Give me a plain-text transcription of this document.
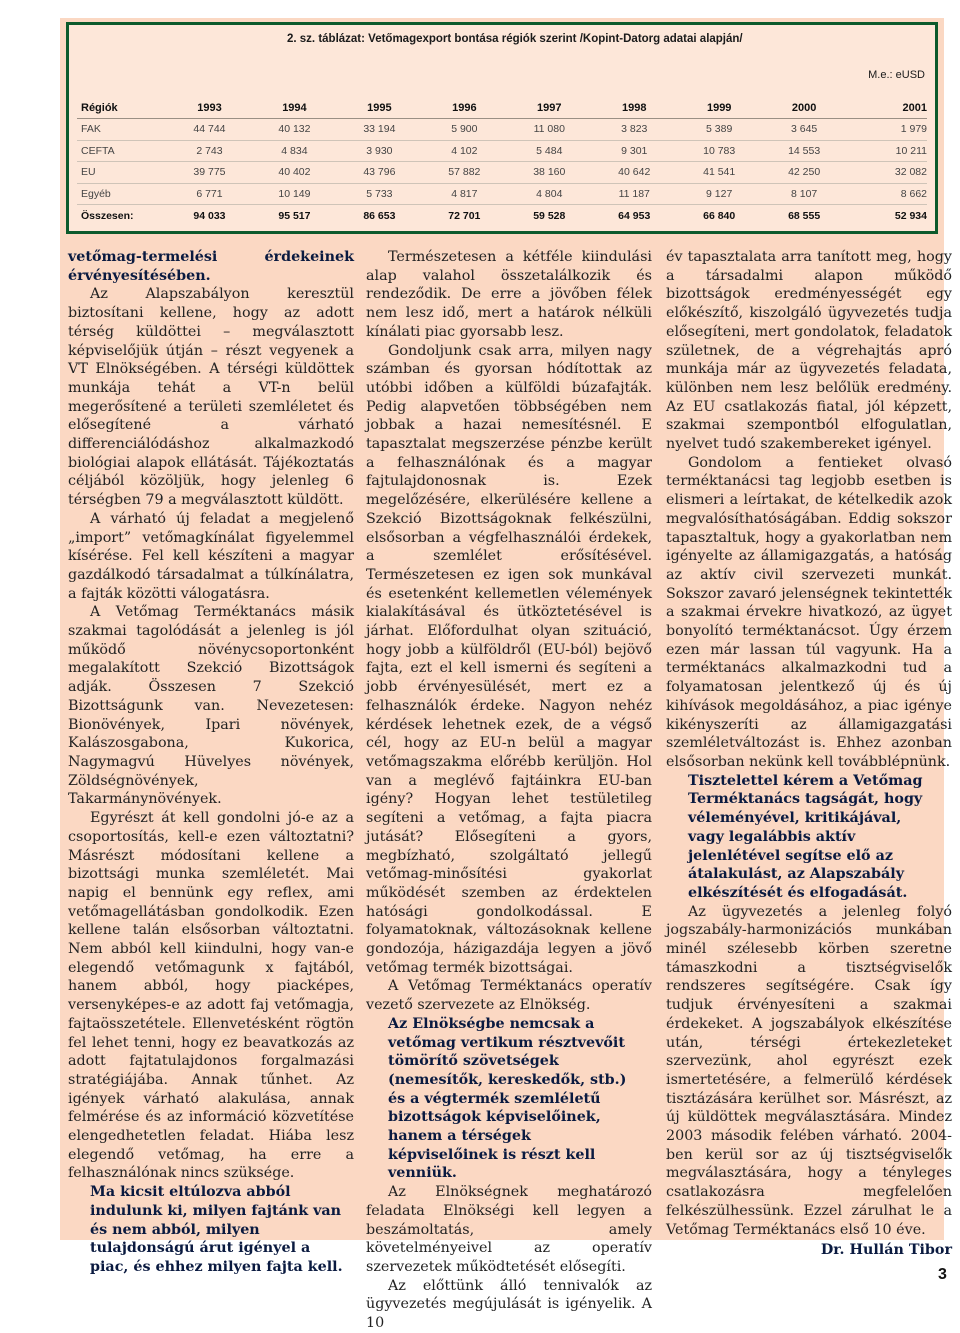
2. sz. táblázat: Vetőmagexport bontása régiók szerint /Kopint-Datorg adatai alapján/
M.e.: eUSD
Régiók	1993	1994	1995	1996	1997	1998	1999	2000	2001
FAK	44 744	40 132	33 194	5 900	11 080	3 823	5 389	3 645	1 979
CEFTA	2 743	4 834	3 930	4 102	5 484	9 301	10 783	14 553	10 211
EU	39 775	40 402	43 796	57 882	38 160	40 642	41 541	42 250	32 082
Egyéb	6 771	10 149	5 733	4 817	4 804	11 187	9 127	8 107	8 662
Összesen:	94 033	95 517	86 653	72 701	59 528	64 953	66 840	68 555	52 934

vetőmag-termelési érdekeinek érvényesítésében.

Az Alapszabályon keresztül biztosítani kellene, hogy az adott térség küldöttei – megválasztott képviselőjük útján – részt vegyenek a VT Elnökségében. A térségi küldöttek munkája tehát a VT-n belül megerősítené a területi szemléletet és elősegítené a várható differenciálódáshoz alkalmazkodó biológiai alapok ellátását. Tájékoztatás céljából közöljük, hogy jelenleg 6 térségben 79 a megválasztott küldött.

A várható új feladat a megjelenő „import” vetőmagkínálat figyelemmel kísérése. Fel kell készíteni a magyar gazdálkodó társadalmat a túlkínálatra, a fajták közötti válogatásra.

A Vetőmag Terméktanács másik szakmai tagolódását a jelenleg is jól működő növénycsoportonként megalakított Szekció Bizottságok adják. Összesen 7 Szekció Bizottságunk van. Nevezetesen: Bionövények, Ipari növények, Kalászosgabona, Kukorica, Nagymagvú Hüvelyes növények, Zöldségnövények, Takarmánynövények.

Egyrészt át kell gondolni jó-e az a csoportosítás, kell-e ezen változtatni? Másrészt módosítani kellene a bizottsági munka szemléletét. Mai napig el bennünk egy reflex, ami vetőmagellátásban gondolkodik. Ezen kellene talán elsősorban változtatni. Nem abból kell kiindulni, hogy van-e elegendő vetőmagunk x fajtából, hanem abból, hogy piacképes, versenyképes-e az adott faj vetőmagja, fajtaösszetétele. Ellenvetésként rögtön fel lehet tenni, hogy ez beavatkozás az adott fajtatulajdonos forgalmazási stratégiájába. Annak tűnhet. Az igények várható alakulása, annak felmérése és az információ közvetítése elengedhetetlen feladat. Hiába lesz elegendő vetőmag, ha erre a felhasználónak nincs szüksége.

Ma kicsit eltúlozva abból indulunk ki, milyen fajtánk van és nem abból, milyen tulajdonságú árut igényel a piac, és ehhez milyen fajta kell.

Természetesen a kétféle kiindulási alap valahol összetalálkozik és rendeződik. De erre a jövőben félek nem lesz idő, mert a határok nélküli kínálati piac gyorsabb lesz.

Gondoljunk csak arra, milyen nagy számban és gyorsan hódítottak az utóbbi időben a külföldi búzafajták. Pedig alapvetően többségében nem jobbak a hazai nemesítésnél. E tapasztalat megszerzése pénzbe került a felhasználónak és a magyar fajtulajdonosnak is. Ezek megelőzésére, elkerülésére kellene a Szekció Bizottságoknak felkészülni, elsősorban a végfelhasználói érdekek, a szemlélet erősítésével. Természetesen ez igen sok munkával és esetenként kellemetlen vélemények kialakításával és ütköztetésével is járhat. Előfordulhat olyan szituáció, hogy jobb a külföldről (EU-ból) bejövő fajta, ezt el kell ismerni és segíteni a jobb érvényesülését, mert ez a felhasználók érdeke. Nagyon nehéz kérdések lehetnek ezek, de a végső cél, hogy az EU-n belül a magyar vetőmagszakma előrébb kerüljön. Hol van a meglévő fajtáinkra EU-ban igény? Hogyan lehet testületileg segíteni a vetőmag, a fajta piacra jutását? Elősegíteni a gyors, megbízható, szolgáltató jellegű vetőmag-minősítési gyakorlat működését szemben az érdektelen hatósági gondolkodással. E folyamatoknak, változásoknak kellene gondozója, házigazdája legyen a jövő vetőmag termék bizottságai.

A Vetőmag Terméktanács operatív vezető szervezete az Elnökség.

Az Elnökségbe nemcsak a vetőmag vertikum résztvevőit tömörítő szövetségek (nemesítők, kereskedők, stb.) és a végtermék szemléletű bizottságok képviselőinek, hanem a térségek képviselőinek is részt kell venniük.

Az Elnökségnek meghatározó feladata Elnökségi kell legyen a beszámoltatás, amely követelményeivel az operatív szervezetek működtetését elősegíti.

Az előttünk álló tennivalók az ügyvezetés megújulását is igényelik. A 10

év tapasztalata arra tanított meg, hogy a társadalmi alapon működő bizottságok eredményességét egy előkészítő, kiszolgáló ügyvezetés tudja elősegíteni, mert gondolatok, feladatok születnek, de a végrehajtás apró munkája már az ügyvezetés feladata, különben nem lesz belőlük eredmény. Az EU csatlakozás fiatal, jól képzett, szakmai szempontból elfogulatlan, nyelvet tudó szakembereket igényel.

Gondolom a fentieket olvasó terméktanácsi tag legjobb esetben is elismeri a leírtakat, de kételkedik azok megvalósíthatóságában. Eddig sokszor tapasztaltuk, hogy a gyakorlatban nem igényelte az államigazgatás, a hatóság az aktív civil szervezeti munkát. Sokszor zavaró jelenségnek tekintették a szakmai érvekre hivatkozó, az ügyet bonyolító terméktanácsot. Úgy érzem ezen már lassan túl vagyunk. Ha a terméktanács alkalmazkodni tud a folyamatosan jelentkező új és új kihívások megoldásához, a piac igénye kikényszeríti az államigazgatási szemléletváltozást is. Ehhez azonban elsősorban nekünk kell továbblépnünk.

Tisztelettel kérem a Vetőmag Terméktanács tagságát, hogy véleményével, kritikájával, vagy legalábbis aktív jelenlétével segítse elő az átalakulást, az Alapszabály elkészítését és elfogadását.

Az ügyvezetés a jelenleg folyó jogszabály-harmonizációs munkában minél szélesebb körben szeretne támaszkodni a tisztségviselők rendszeres segítségére. Csak így tudjuk érvényesíteni a szakmai érdekeket. A jogszabályok elkészítése után, térségi értekezleteket szervezünk, ahol egyrészt ezek ismertetésére, a felmerülő kérdések tisztázására kerülhet sor. Másrészt, az új küldöttek megválasztására. Mindez 2003 második felében várható. 2004-ben kerül sor az új tisztségviselők megválasztására, hogy a tényleges csatlakozásra megfelelően felkészülhessünk. Ezzel zárulhat le a Vetőmag Terméktanács első 10 éve.

Dr. Hullán Tibor

3
